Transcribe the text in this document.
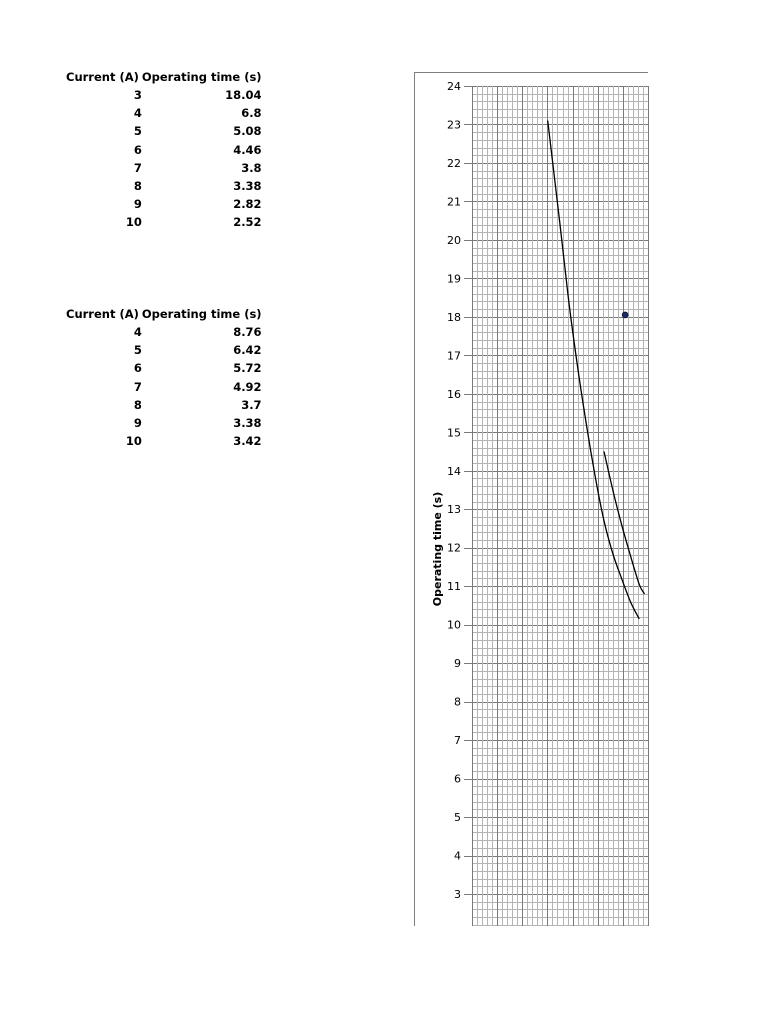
Current (A)	Operating time (s)
3	18.04
4	6.8
5	5.08
6	4.46
7	3.8
8	3.38
9	2.82
10	2.52
Current (A)	Operating time (s)
4	8.76
5	6.42
6	5.72
7	4.92
8	3.7
9	3.38
10	3.42
3
4
5
6
7
8
9
10
11
12
13
14
15
16
17
18
19
20
21
22
23
24
Operating time (s)
